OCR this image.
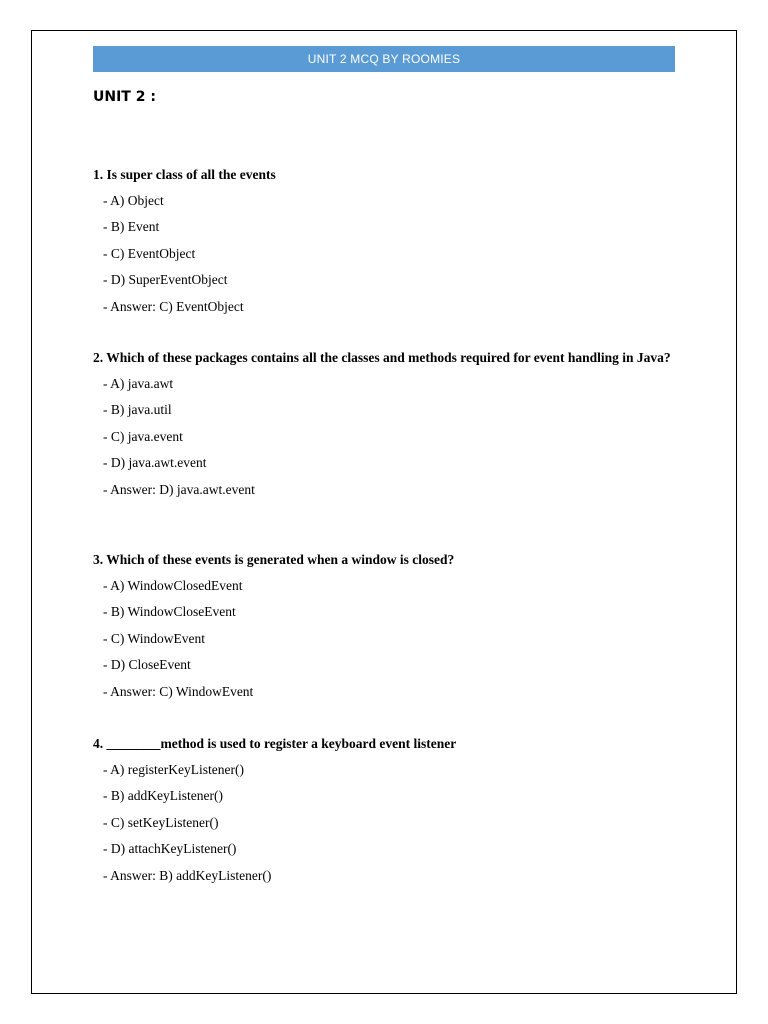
UNIT 2 MCQ BY ROOMIES
UNIT 2 :

1. Is super class of all the events

- A) Object
- B) Event
- C) EventObject
- D) SuperEventObject
- Answer: C) EventObject

2. Which of these packages contains all the classes and methods required for event handling in Java?

- A) java.awt
- B) java.util
- C) java.event
- D) java.awt.event
- Answer: D) java.awt.event

3. Which of these events is generated when a window is closed?

- A) WindowClosedEvent
- B) WindowCloseEvent
- C) WindowEvent
- D) CloseEvent
- Answer: C) WindowEvent

4. ________method is used to register a keyboard event listener

- A) registerKeyListener()
- B) addKeyListener()
- C) setKeyListener()
- D) attachKeyListener()
- Answer: B) addKeyListener()
